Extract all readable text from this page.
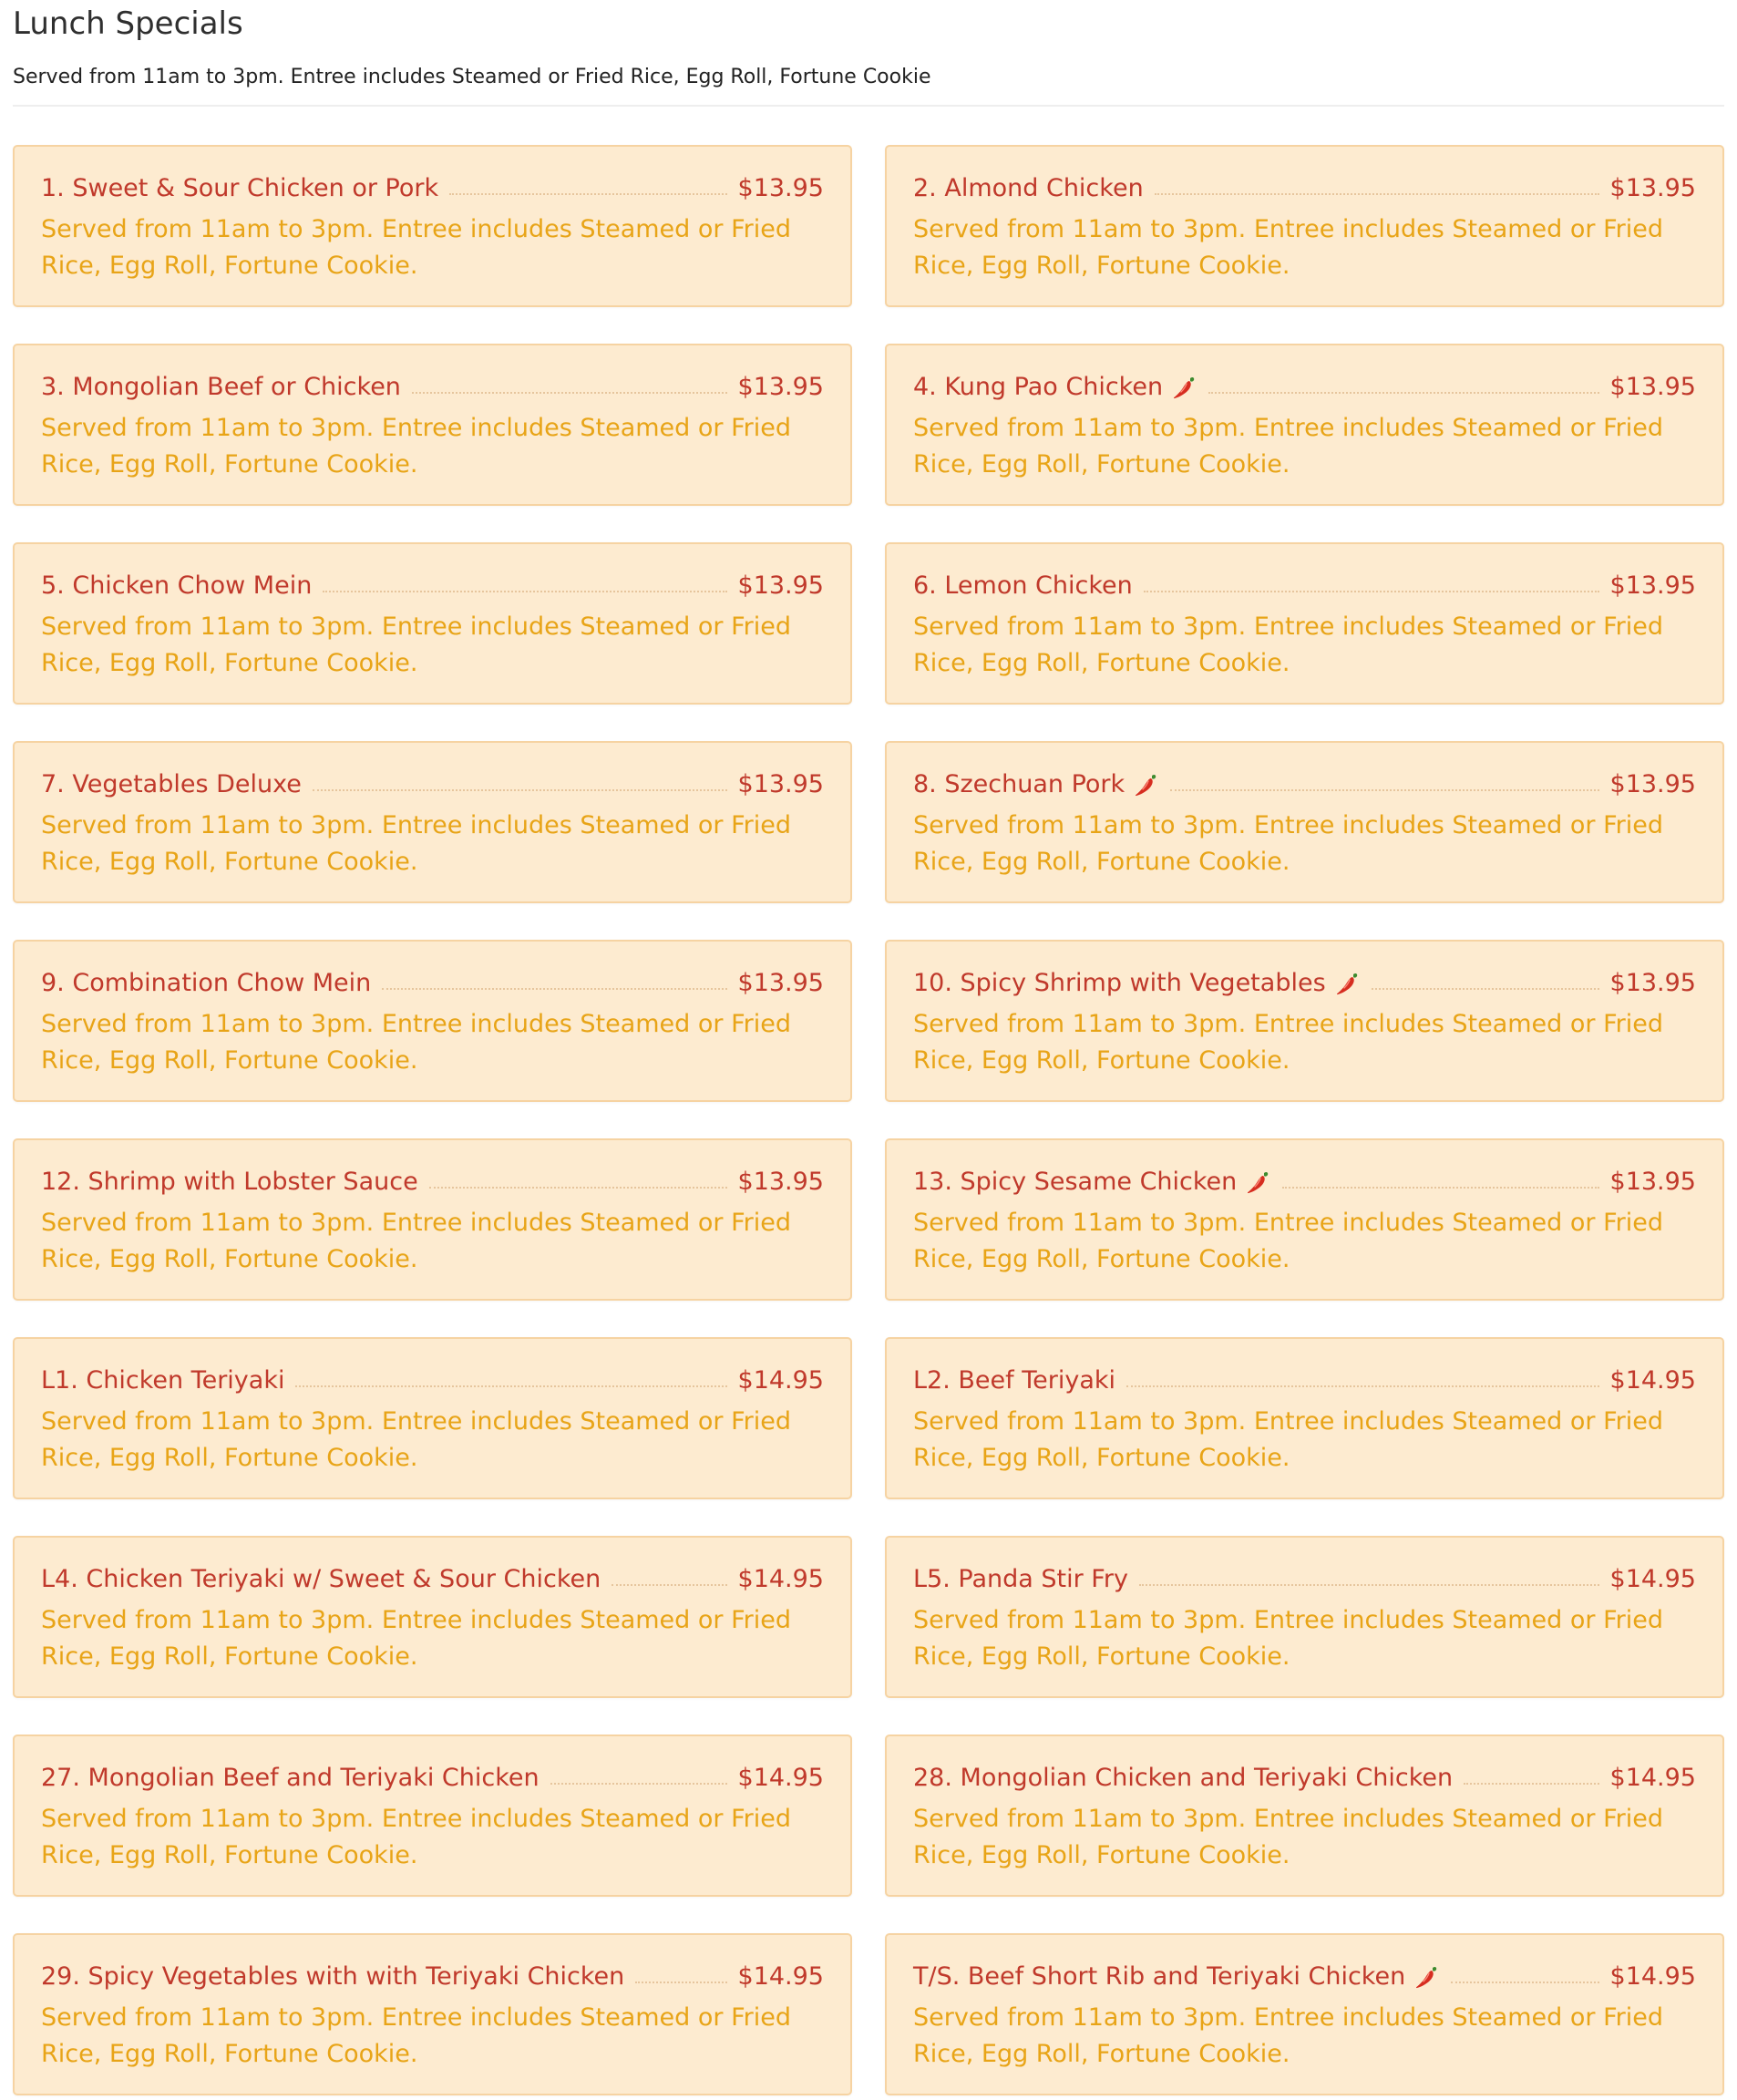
Lunch Specials
Served from 11am to 3pm. Entree includes Steamed or Fried Rice, Egg Roll, Fortune Cookie
1. Sweet & Sour Chicken or Pork	$13.95
Served from 11am to 3pm. Entree includes Steamed or Fried Rice, Egg Roll, Fortune Cookie.
2. Almond Chicken	$13.95
Served from 11am to 3pm. Entree includes Steamed or Fried Rice, Egg Roll, Fortune Cookie.
3. Mongolian Beef or Chicken	$13.95
Served from 11am to 3pm. Entree includes Steamed or Fried Rice, Egg Roll, Fortune Cookie.
4. Kung Pao Chicken	$13.95
Served from 11am to 3pm. Entree includes Steamed or Fried Rice, Egg Roll, Fortune Cookie.
5. Chicken Chow Mein	$13.95
Served from 11am to 3pm. Entree includes Steamed or Fried Rice, Egg Roll, Fortune Cookie.
6. Lemon Chicken	$13.95
Served from 11am to 3pm. Entree includes Steamed or Fried Rice, Egg Roll, Fortune Cookie.
7. Vegetables Deluxe	$13.95
Served from 11am to 3pm. Entree includes Steamed or Fried Rice, Egg Roll, Fortune Cookie.
8. Szechuan Pork	$13.95
Served from 11am to 3pm. Entree includes Steamed or Fried Rice, Egg Roll, Fortune Cookie.
9. Combination Chow Mein	$13.95
Served from 11am to 3pm. Entree includes Steamed or Fried Rice, Egg Roll, Fortune Cookie.
10. Spicy Shrimp with Vegetables	$13.95
Served from 11am to 3pm. Entree includes Steamed or Fried Rice, Egg Roll, Fortune Cookie.
12. Shrimp with Lobster Sauce	$13.95
Served from 11am to 3pm. Entree includes Steamed or Fried Rice, Egg Roll, Fortune Cookie.
13. Spicy Sesame Chicken	$13.95
Served from 11am to 3pm. Entree includes Steamed or Fried Rice, Egg Roll, Fortune Cookie.
L1. Chicken Teriyaki	$14.95
Served from 11am to 3pm. Entree includes Steamed or Fried Rice, Egg Roll, Fortune Cookie.
L2. Beef Teriyaki	$14.95
Served from 11am to 3pm. Entree includes Steamed or Fried Rice, Egg Roll, Fortune Cookie.
L4. Chicken Teriyaki w/ Sweet & Sour Chicken	$14.95
Served from 11am to 3pm. Entree includes Steamed or Fried Rice, Egg Roll, Fortune Cookie.
L5. Panda Stir Fry	$14.95
Served from 11am to 3pm. Entree includes Steamed or Fried Rice, Egg Roll, Fortune Cookie.
27. Mongolian Beef and Teriyaki Chicken	$14.95
Served from 11am to 3pm. Entree includes Steamed or Fried Rice, Egg Roll, Fortune Cookie.
28. Mongolian Chicken and Teriyaki Chicken	$14.95
Served from 11am to 3pm. Entree includes Steamed or Fried Rice, Egg Roll, Fortune Cookie.
29. Spicy Vegetables with with Teriyaki Chicken	$14.95
Served from 11am to 3pm. Entree includes Steamed or Fried Rice, Egg Roll, Fortune Cookie.
T/S. Beef Short Rib and Teriyaki Chicken	$14.95
Served from 11am to 3pm. Entree includes Steamed or Fried Rice, Egg Roll, Fortune Cookie.
